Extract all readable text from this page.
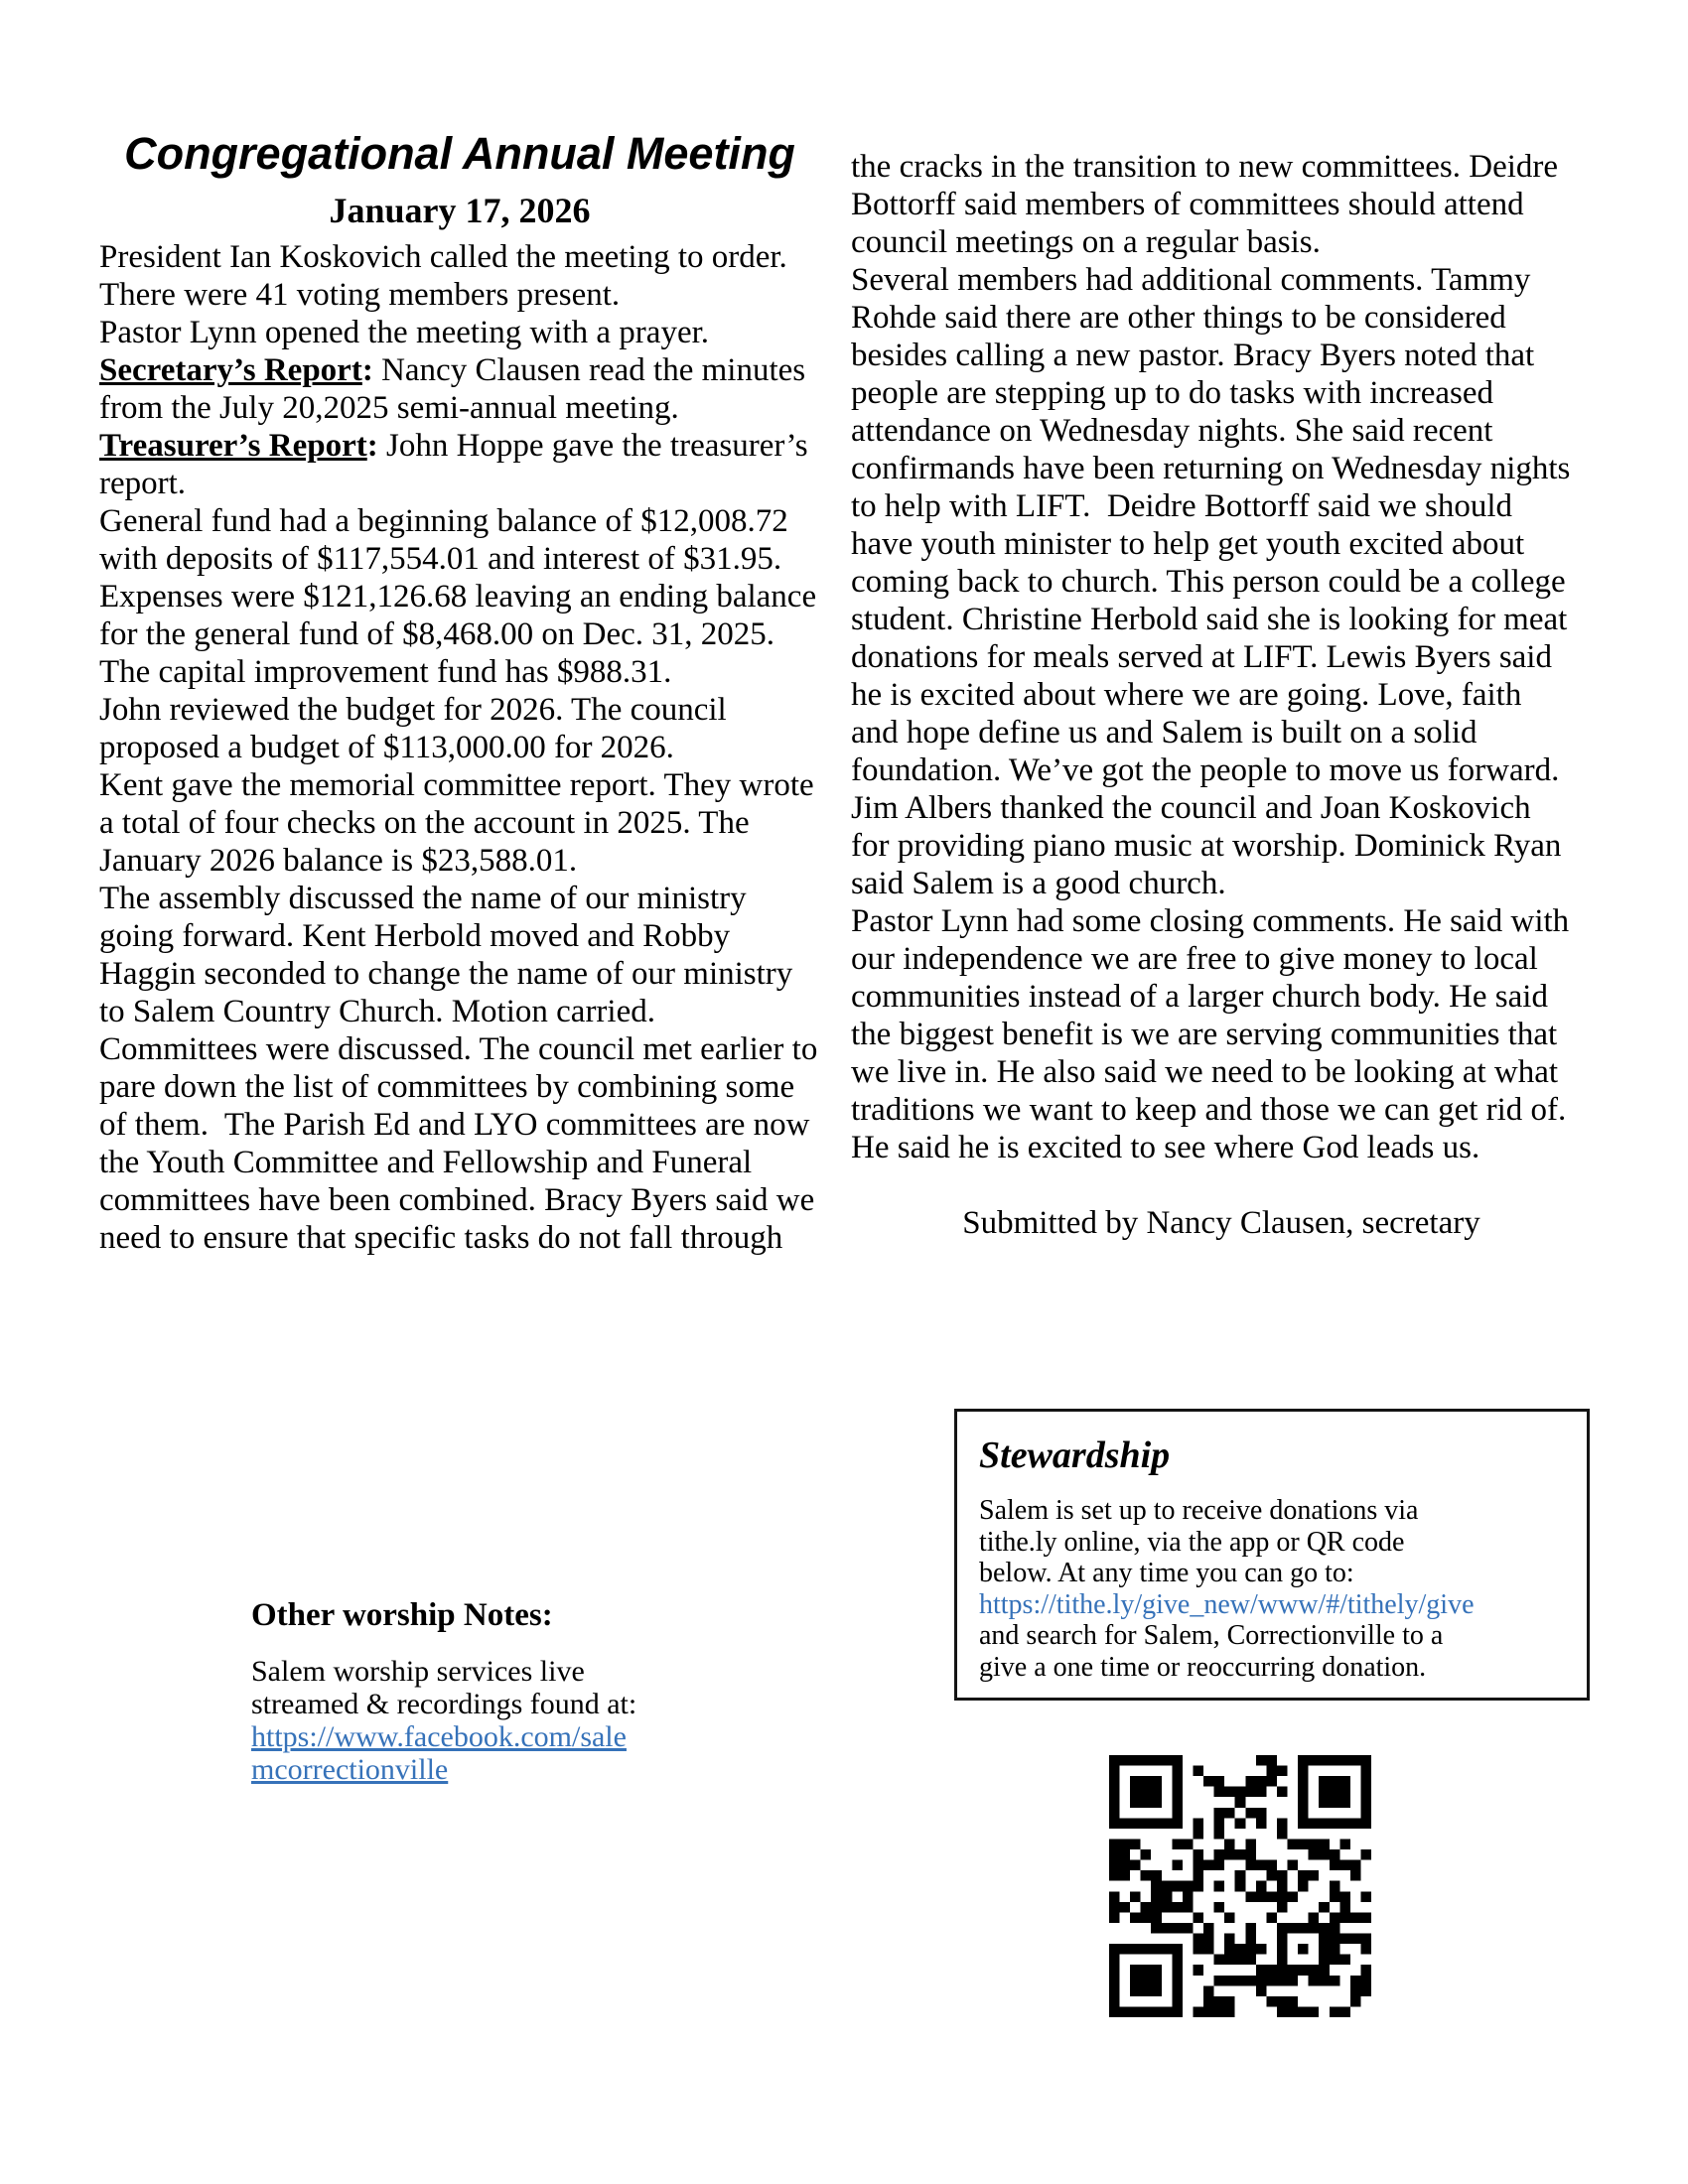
Congregational Annual Meeting
January 17, 2026
President Ian Koskovich called the meeting to order.
There were 41 voting members present.
Pastor Lynn opened the meeting with a prayer.
Secretary’s Report: Nancy Clausen read the minutes
from the July 20,2025 semi-annual meeting.
Treasurer’s Report: John Hoppe gave the treasurer’s
report.
General fund had a beginning balance of $12,008.72
with deposits of $117,554.01 and interest of $31.95.
Expenses were $121,126.68 leaving an ending balance
for the general fund of $8,468.00 on Dec. 31, 2025.
The capital improvement fund has $988.31.
John reviewed the budget for 2026. The council
proposed a budget of $113,000.00 for 2026.
Kent gave the memorial committee report. They wrote
a total of four checks on the account in 2025. The
January 2026 balance is $23,588.01.
The assembly discussed the name of our ministry
going forward. Kent Herbold moved and Robby
Haggin seconded to change the name of our ministry
to Salem Country Church. Motion carried.
Committees were discussed. The council met earlier to
pare down the list of committees by combining some
of them.  The Parish Ed and LYO committees are now
the Youth Committee and Fellowship and Funeral
committees have been combined. Bracy Byers said we
need to ensure that specific tasks do not fall through
the cracks in the transition to new committees. Deidre
Bottorff said members of committees should attend
council meetings on a regular basis.
Several members had additional comments. Tammy
Rohde said there are other things to be considered
besides calling a new pastor. Bracy Byers noted that
people are stepping up to do tasks with increased
attendance on Wednesday nights. She said recent
confirmands have been returning on Wednesday nights
to help with LIFT.  Deidre Bottorff said we should
have youth minister to help get youth excited about
coming back to church. This person could be a college
student. Christine Herbold said she is looking for meat
donations for meals served at LIFT. Lewis Byers said
he is excited about where we are going. Love, faith
and hope define us and Salem is built on a solid
foundation. We’ve got the people to move us forward.
Jim Albers thanked the council and Joan Koskovich
for providing piano music at worship. Dominick Ryan
said Salem is a good church.
Pastor Lynn had some closing comments. He said with
our independence we are free to give money to local
communities instead of a larger church body. He said
the biggest benefit is we are serving communities that
we live in. He also said we need to be looking at what
traditions we want to keep and those we can get rid of.
He said he is excited to see where God leads us.
Submitted by Nancy Clausen, secretary
Other worship Notes:
Salem worship services live
streamed & recordings found at:
https://www.facebook.com/sale
mcorrectionville
Stewardship
Salem is set up to receive donations via
tithe.ly online, via the app or QR code
below. At any time you can go to:
https://tithe.ly/give_new/www/#/tithely/give
and search for Salem, Correctionville to a
give a one time or reoccurring donation.
